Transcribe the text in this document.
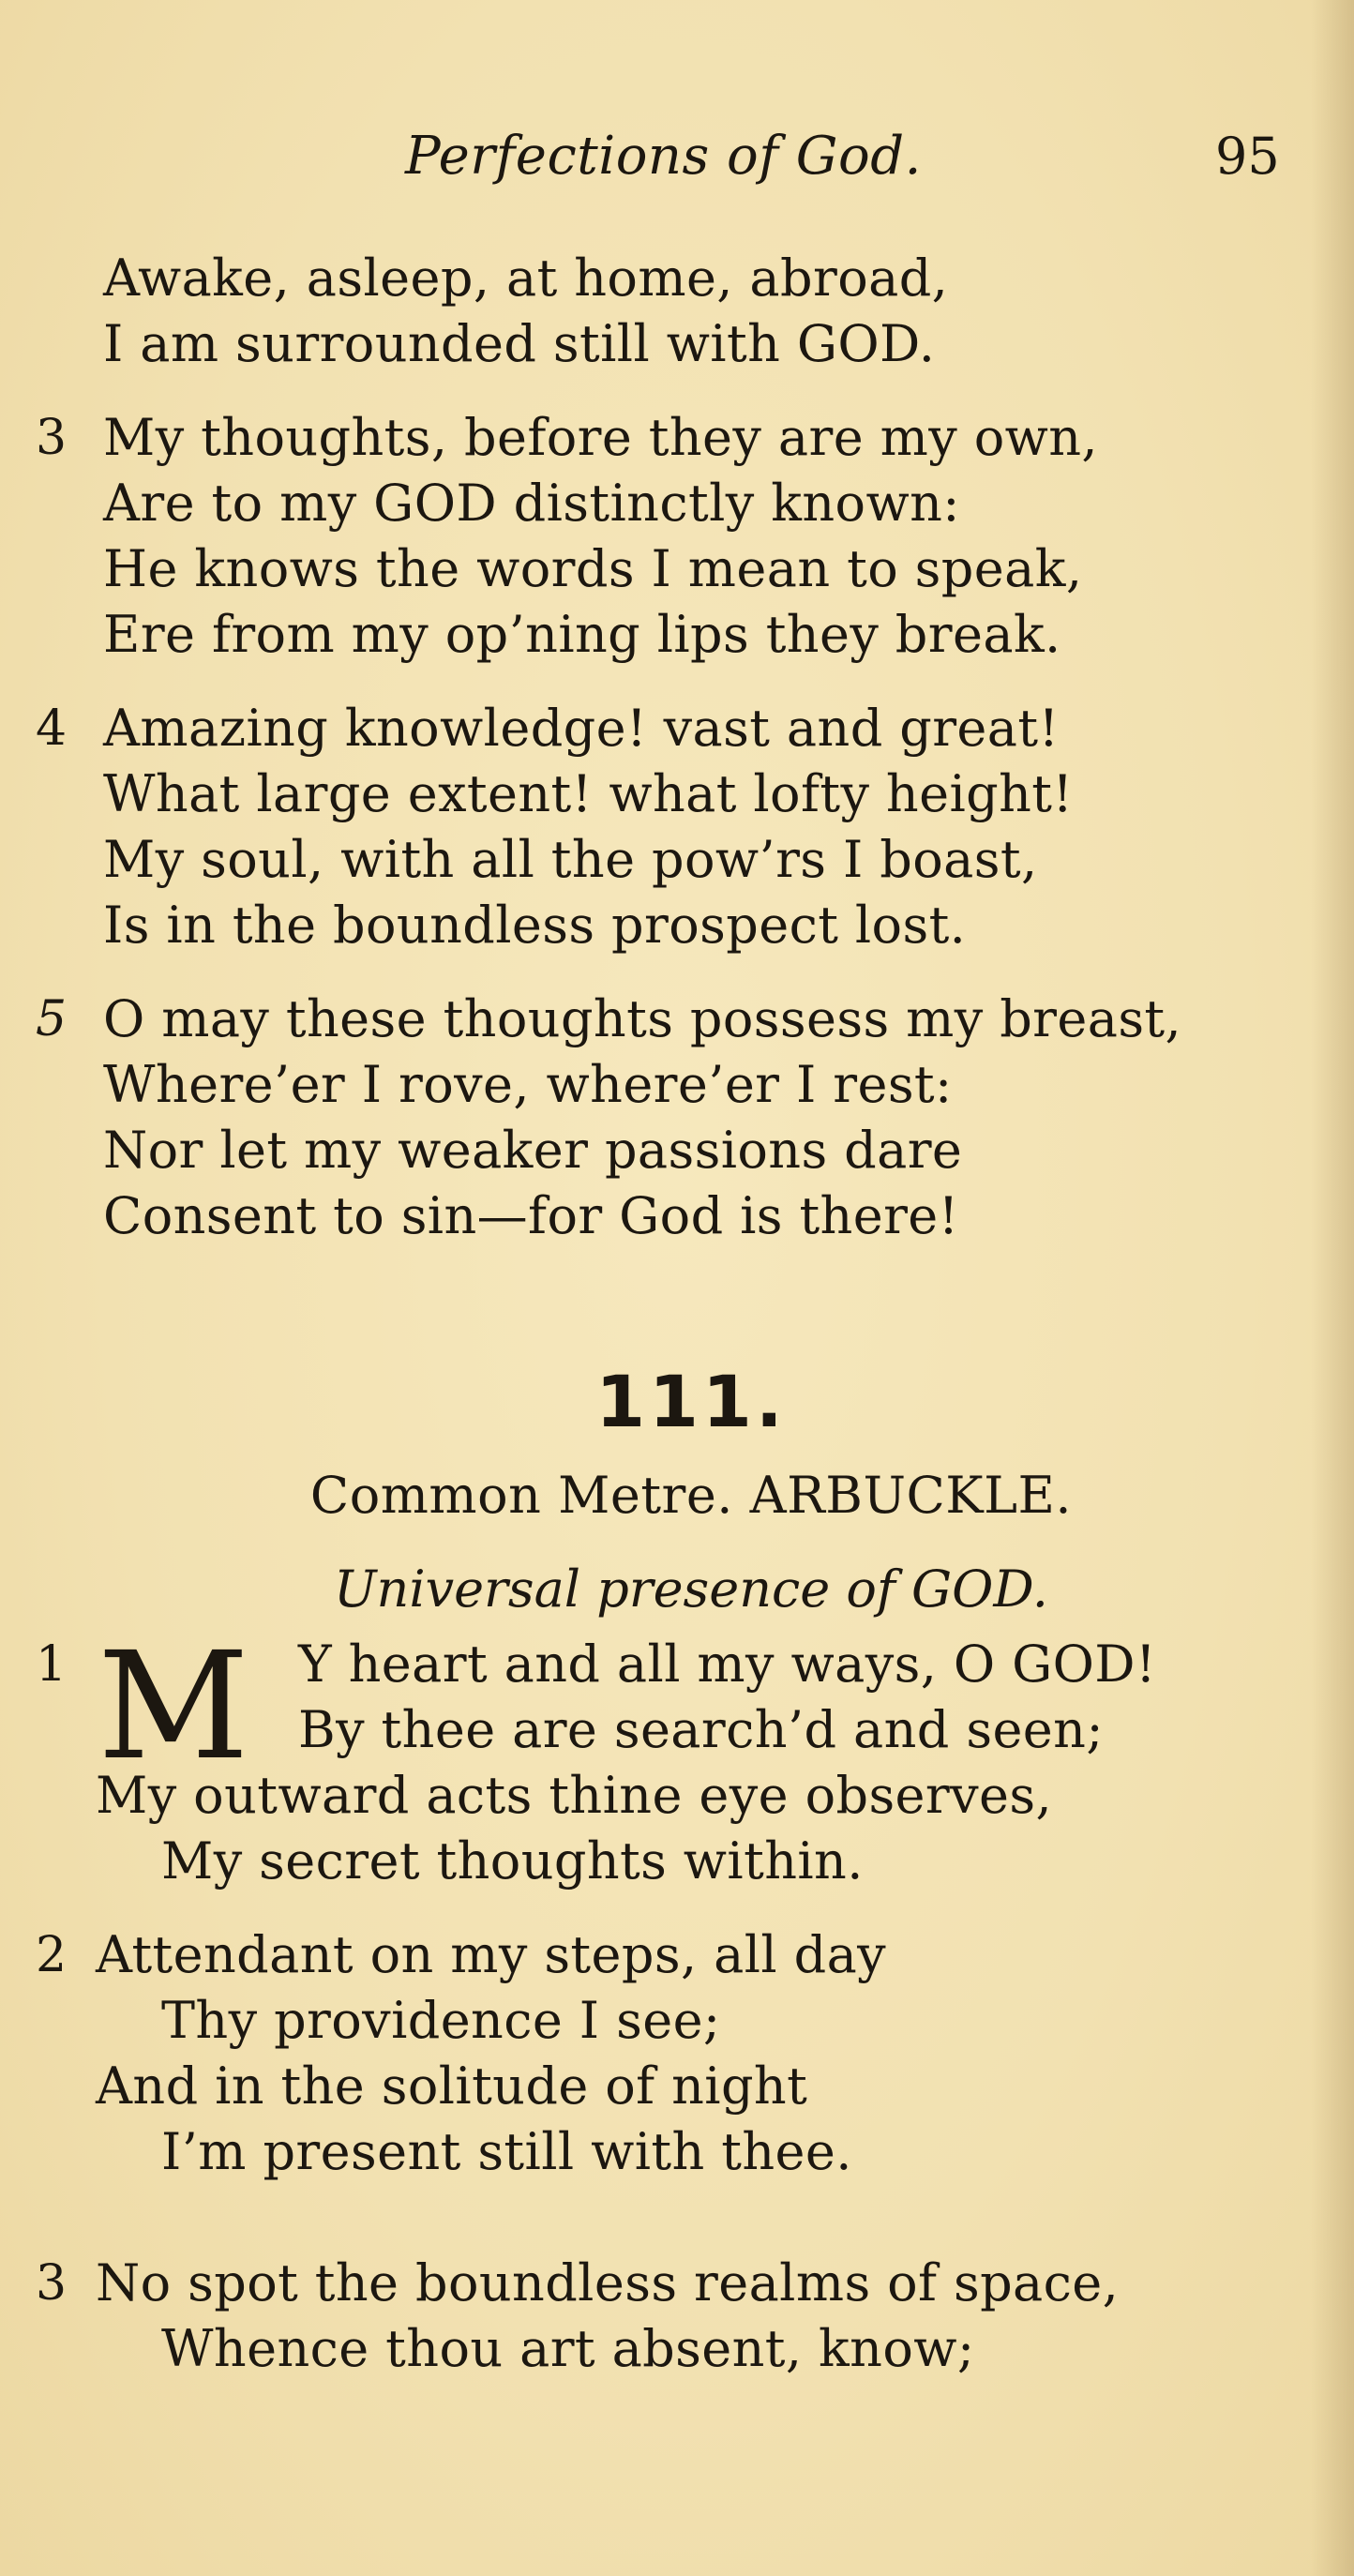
Perfections of God.	95
Awake, asleep, at home, abroad,
I am surrounded still with GOD.
3 My thoughts, before they are my own,
Are to my GOD distinctly known:
He knows the words I mean to speak,
Ere from my op’ning lips they break.
4 Amazing knowledge! vast and great!
What large extent! what lofty height!
My soul, with all the pow’rs I boast,
Is in the boundless prospect lost.
5 O may these thoughts possess my breast,
Where’er I rove, where’er I rest:
Nor let my weaker passions dare
Consent to sin—for God is there!
111.
Common Metre. ARBUCKLE.
Universal presence of GOD.
1 M Y heart and all my ways, O GOD!
By thee are search’d and seen;
My outward acts thine eye observes,
My secret thoughts within.
2 Attendant on my steps, all day
Thy providence I see;
And in the solitude of night
I’m present still with thee.
3 No spot the boundless realms of space,
Whence thou art absent, know;
